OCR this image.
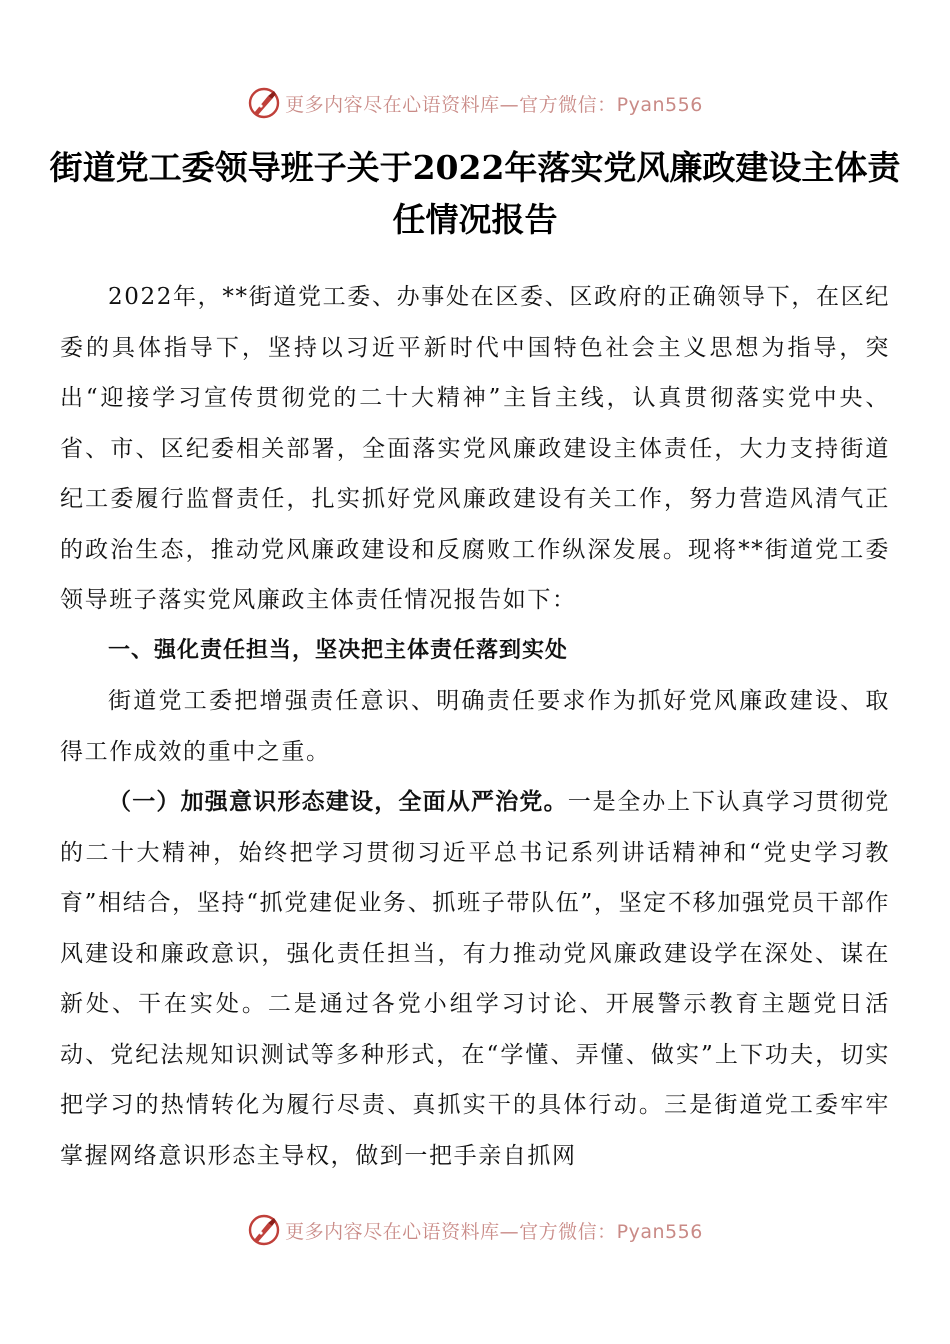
更多内容尽在心语资料库—官方微信：Pyan556
街道党工委领导班子关于2022年落实党风廉政建设主体责任情况报告

2022年，**街道党工委、办事处在区委、区政府的正确领导下，在区纪委的具体指导下，坚持以习近平新时代中国特色社会主义思想为指导，突出“迎接学习宣传贯彻党的二十大精神”主旨主线，认真贯彻落实党中央、省、市、区纪委相关部署，全面落实党风廉政建设主体责任，大力支持街道纪工委履行监督责任，扎实抓好党风廉政建设有关工作，努力营造风清气正的政治生态，推动党风廉政建设和反腐败工作纵深发展。现将**街道党工委领导班子落实党风廉政主体责任情况报告如下：

一、强化责任担当，坚决把主体责任落到实处

街道党工委把增强责任意识、明确责任要求作为抓好党风廉政建设、取得工作成效的重中之重。

（一）加强意识形态建设，全面从严治党。一是全办上下认真学习贯彻党的二十大精神，始终把学习贯彻习近平总书记系列讲话精神和“党史学习教育”相结合，坚持“抓党建促业务、抓班子带队伍”，坚定不移加强党员干部作风建设和廉政意识，强化责任担当，有力推动党风廉政建设学在深处、谋在新处、干在实处。二是通过各党小组学习讨论、开展警示教育主题党日活动、党纪法规知识测试等多种形式，在“学懂、弄懂、做实”上下功夫，切实把学习的热情转化为履行尽责、真抓实干的具体行动。三是街道党工委牢牢掌握网络意识形态主导权，做到一把手亲自抓网

更多内容尽在心语资料库—官方微信：Pyan556
